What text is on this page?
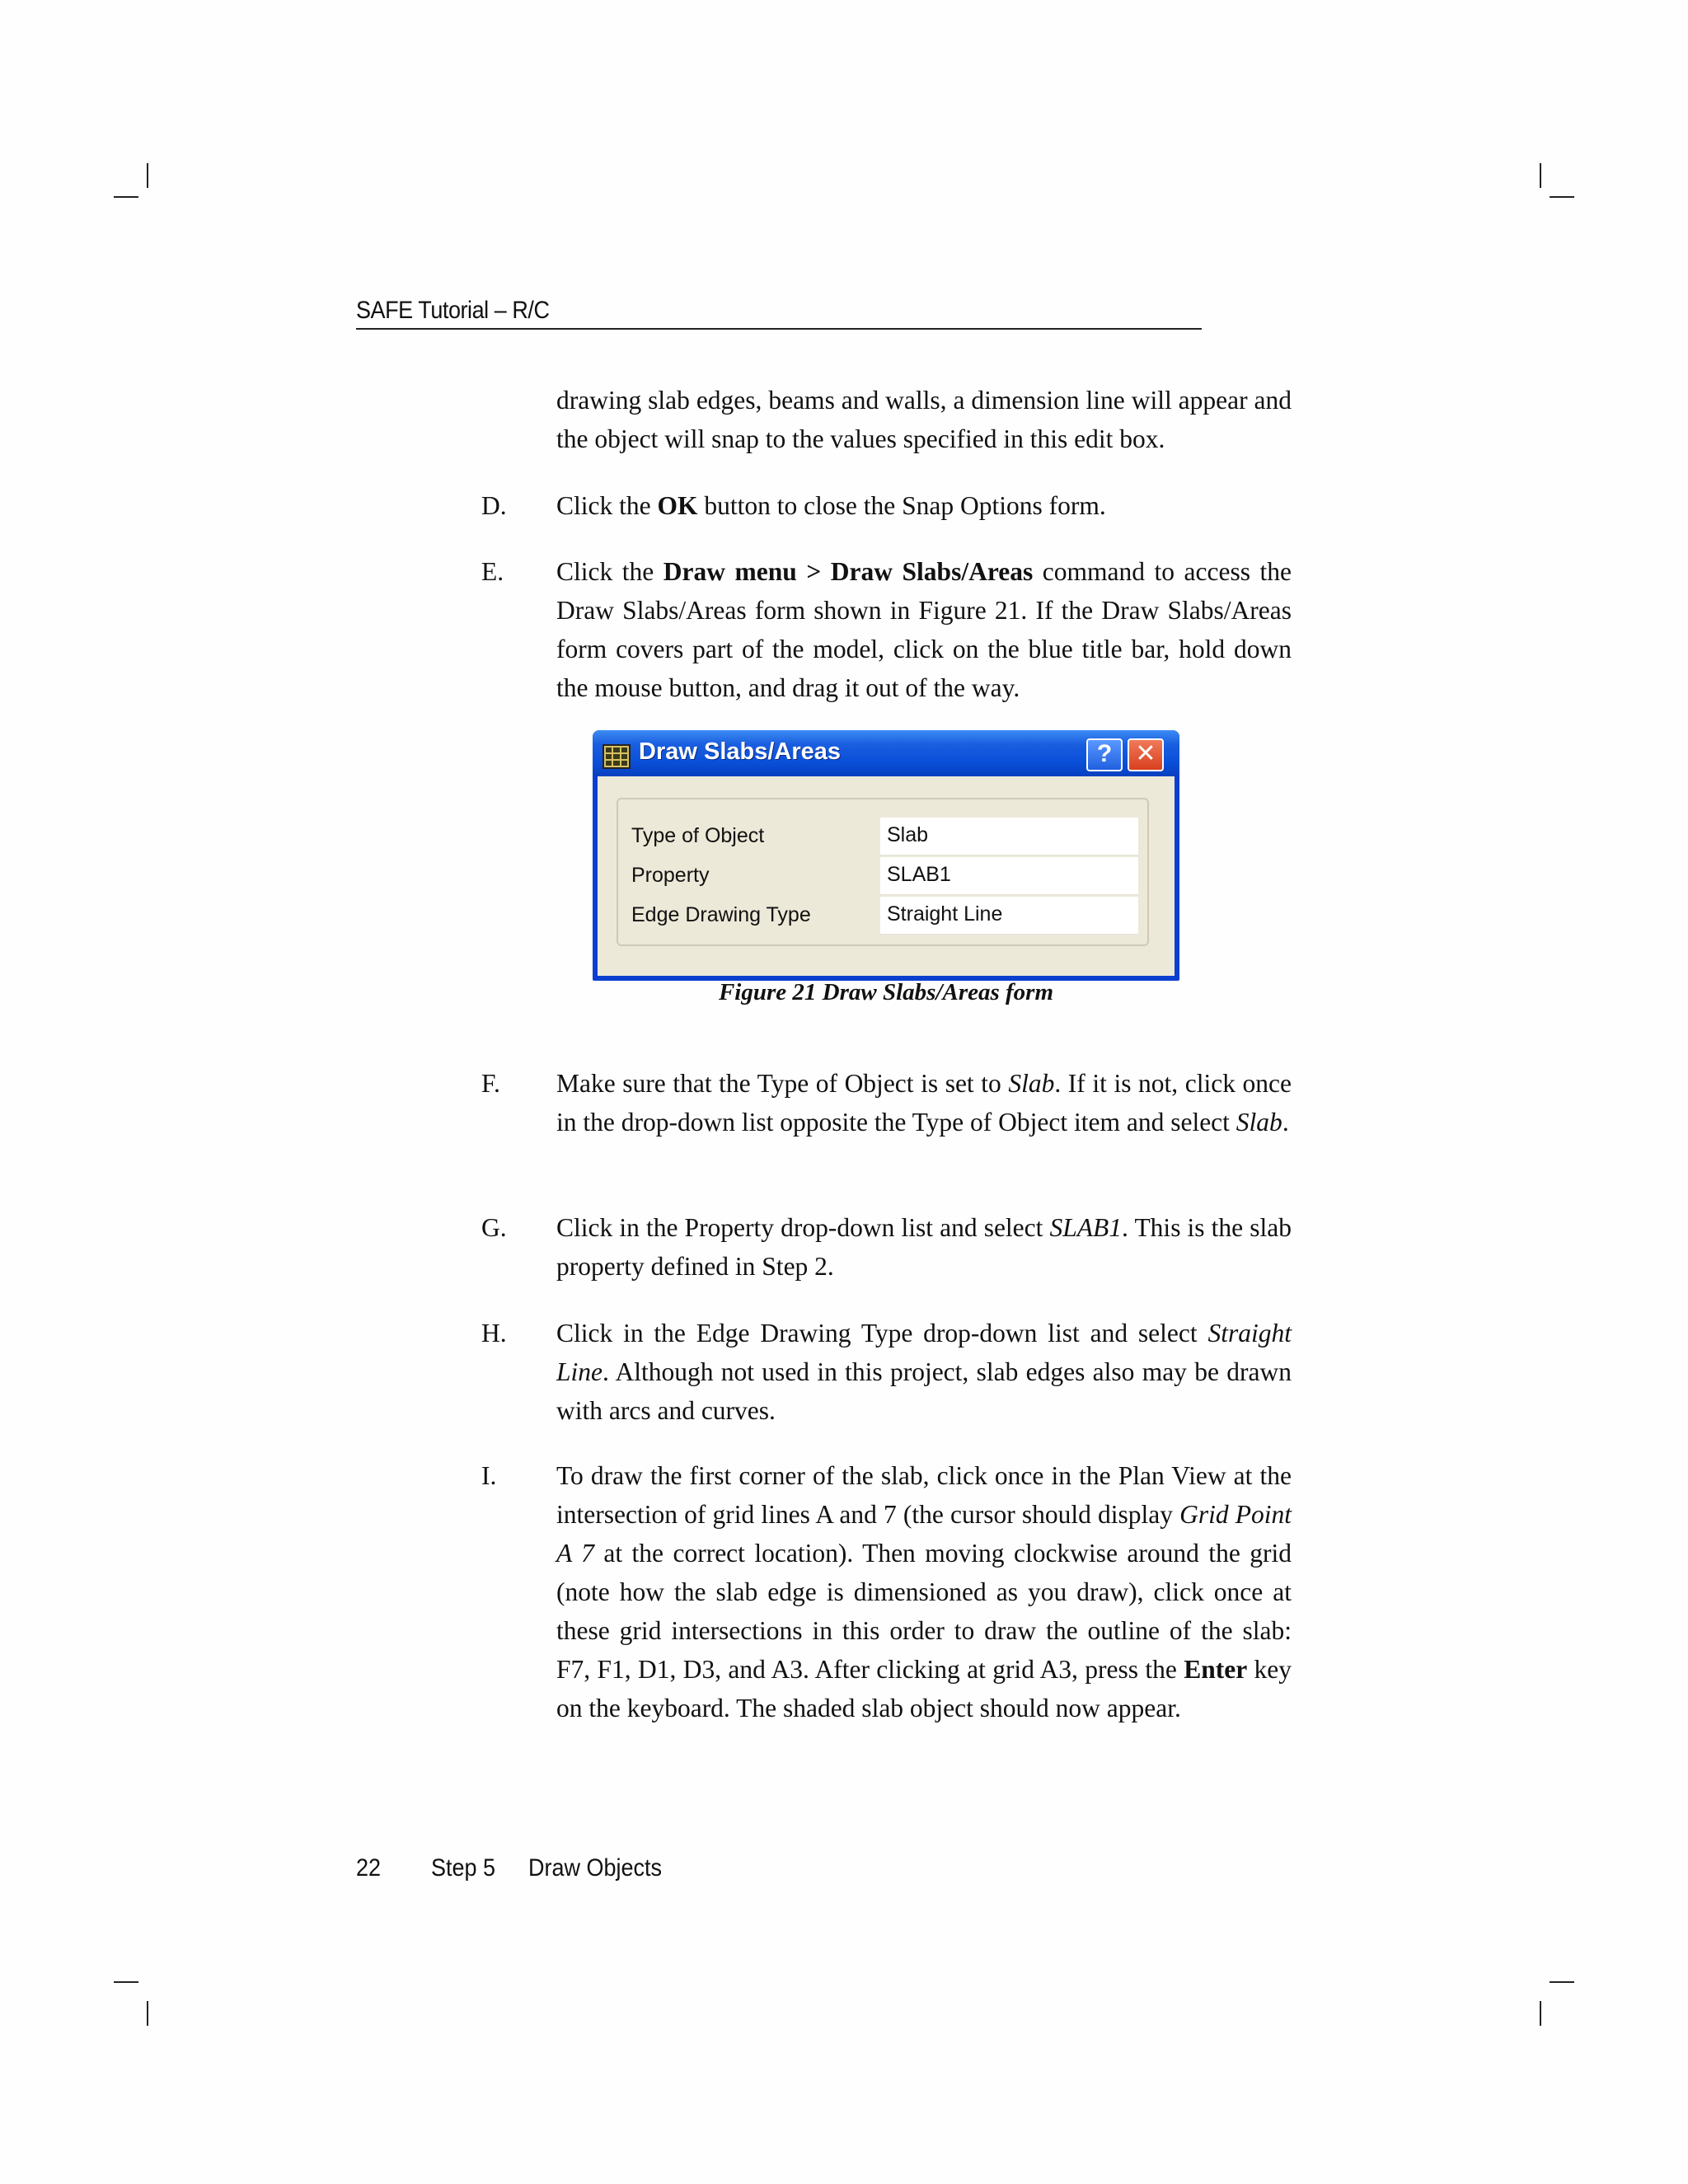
SAFE Tutorial – R/C

drawing slab edges, beams and walls, a dimension line will appear and the object will snap to the values specified in this edit box.

D. Click the OK button to close the Snap Options form.

E. Click the Draw menu > Draw Slabs/Areas command to access the Draw Slabs/Areas form shown in Figure 21. If the Draw Slabs/Areas form covers part of the model, click on the blue title bar, hold down the mouse button, and drag it out of the way.

Draw Slabs/Areas	? ✕
Type of Object	Slab
Property	SLAB1
Edge Drawing Type	Straight Line

Figure 21 Draw Slabs/Areas form

F. Make sure that the Type of Object is set to Slab. If it is not, click once in the drop-down list opposite the Type of Object item and select Slab.

G. Click in the Property drop-down list and select SLAB1. This is the slab property defined in Step 2.

H. Click in the Edge Drawing Type drop-down list and select Straight Line. Although not used in this project, slab edges also may be drawn with arcs and curves.

I. To draw the first corner of the slab, click once in the Plan View at the intersection of grid lines A and 7 (the cursor should display Grid Point A 7 at the correct location). Then moving clockwise around the grid (note how the slab edge is dimensioned as you draw), click once at these grid intersections in this order to draw the outline of the slab: F7, F1, D1, D3, and A3. After clicking at grid A3, press the Enter key on the keyboard. The shaded slab object should now appear.

22 Step 5 Draw Objects
